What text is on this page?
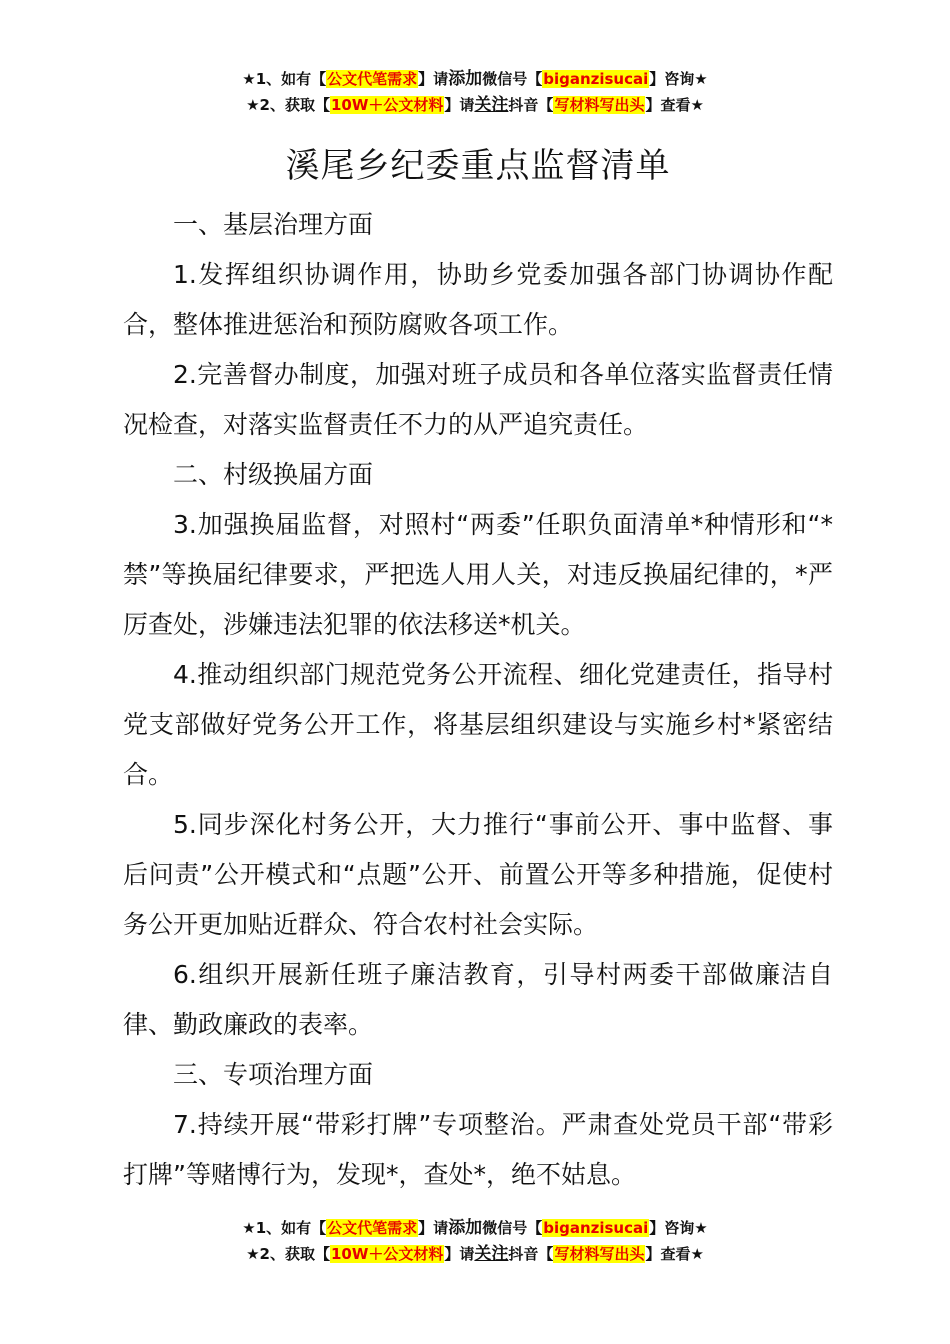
★1、如有【公文代笔需求】请添加微信号【biganzisucai】咨询★
★2、获取【10W＋公文材料】请关注抖音【写材料写出头】查看★
溪尾乡纪委重点监督清单

一、基层治理方面

1.发挥组织协调作用，协助乡党委加强各部门协调协作配合，整体推进惩治和预防腐败各项工作。

2.完善督办制度，加强对班子成员和各单位落实监督责任情况检查，对落实监督责任不力的从严追究责任。

二、村级换届方面

3.加强换届监督，对照村“两委”任职负面清单*种情形和“*禁”等换届纪律要求，严把选人用人关，对违反换届纪律的，*严厉查处，涉嫌违法犯罪的依法移送*机关。

4.推动组织部门规范党务公开流程、细化党建责任，指导村党支部做好党务公开工作，将基层组织建设与实施乡村*紧密结合。

5.同步深化村务公开，大力推行“事前公开、事中监督、事后问责”公开模式和“点题”公开、前置公开等多种措施，促使村务公开更加贴近群众、符合农村社会实际。

6.组织开展新任班子廉洁教育，引导村两委干部做廉洁自律、勤政廉政的表率。

三、专项治理方面

7.持续开展“带彩打牌”专项整治。严肃查处党员干部“带彩打牌”等赌博行为，发现*，查处*，绝不姑息。

★1、如有【公文代笔需求】请添加微信号【biganzisucai】咨询★
★2、获取【10W＋公文材料】请关注抖音【写材料写出头】查看★
